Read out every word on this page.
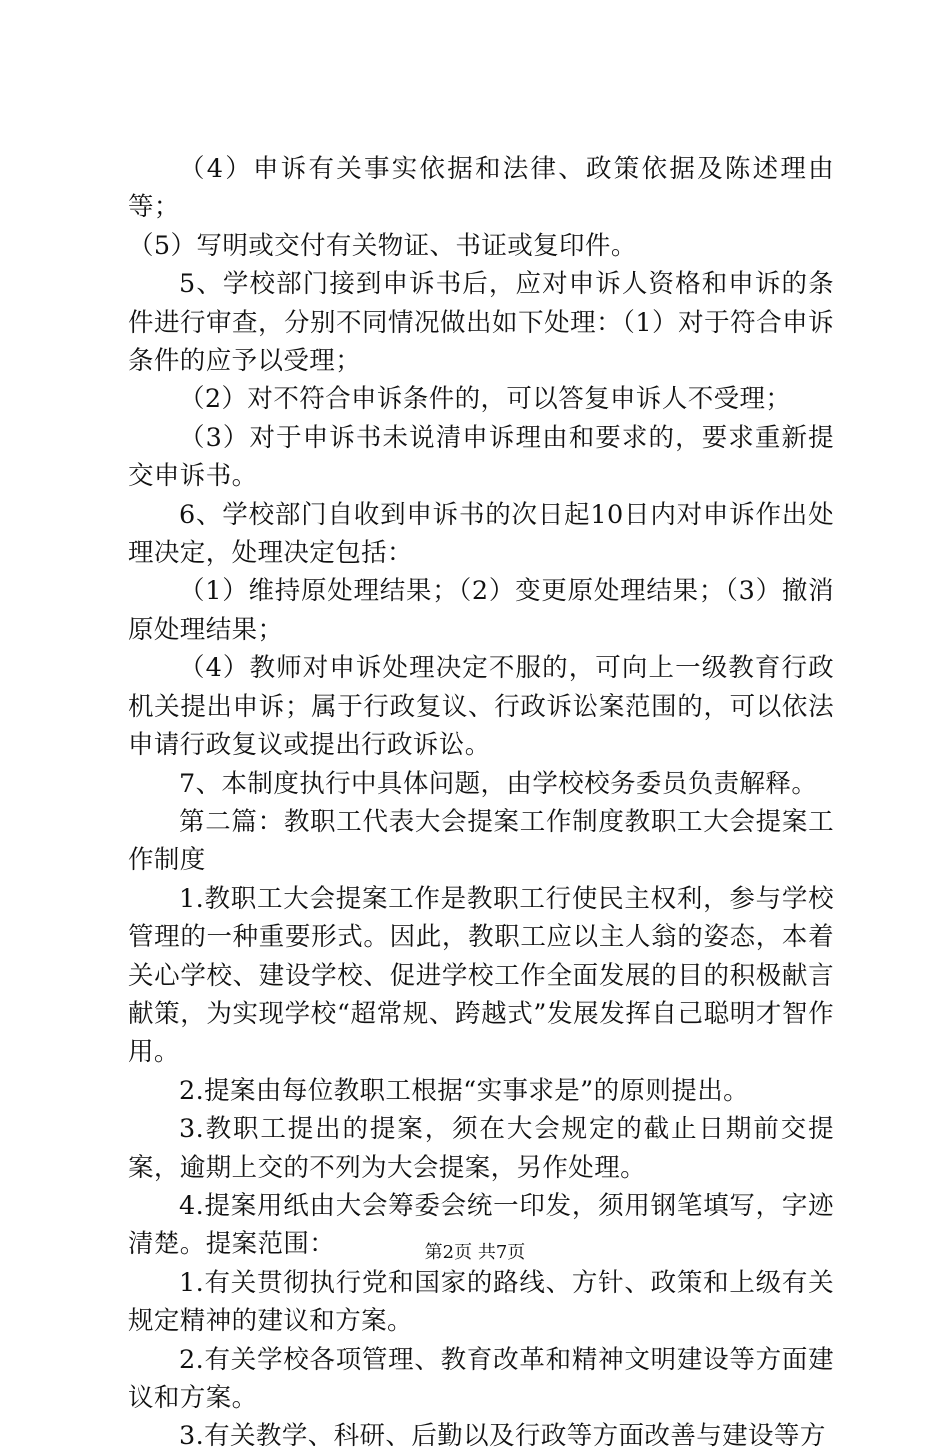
（4）申诉有关事实依据和法律、政策依据及陈述理由等；

（5）写明或交付有关物证、书证或复印件。

5、学校部门接到申诉书后，应对申诉人资格和申诉的条件进行审查，分别不同情况做出如下处理：（1）对于符合申诉条件的应予以受理；

（2）对不符合申诉条件的，可以答复申诉人不受理；

（3）对于申诉书未说清申诉理由和要求的，要求重新提交申诉书。

6、学校部门自收到申诉书的次日起10日内对申诉作出处理决定，处理决定包括：

（1）维持原处理结果；（2）变更原处理结果；（3）撤消原处理结果；

（4）教师对申诉处理决定不服的，可向上一级教育行政机关提出申诉；属于行政复议、行政诉讼案范围的，可以依法申请行政复议或提出行政诉讼。

7、本制度执行中具体问题，由学校校务委员负责解释。

第二篇：教职工代表大会提案工作制度教职工大会提案工作制度

1.教职工大会提案工作是教职工行使民主权利，参与学校管理的一种重要形式。因此，教职工应以主人翁的姿态，本着关心学校、建设学校、促进学校工作全面发展的目的积极献言献策，为实现学校“超常规、跨越式”发展发挥自己聪明才智作用。

2.提案由每位教职工根据“实事求是”的原则提出。

3.教职工提出的提案，须在大会规定的截止日期前交提案，逾期上交的不列为大会提案，另作处理。

4.提案用纸由大会筹委会统一印发，须用钢笔填写，字迹清楚。提案范围：

1.有关贯彻执行党和国家的路线、方针、政策和上级有关规定精神的建议和方案。

2.有关学校各项管理、教育改革和精神文明建设等方面建议和方案。

3.有关教学、科研、后勤以及行政等方面改善与建设等方

第2页 共7页
